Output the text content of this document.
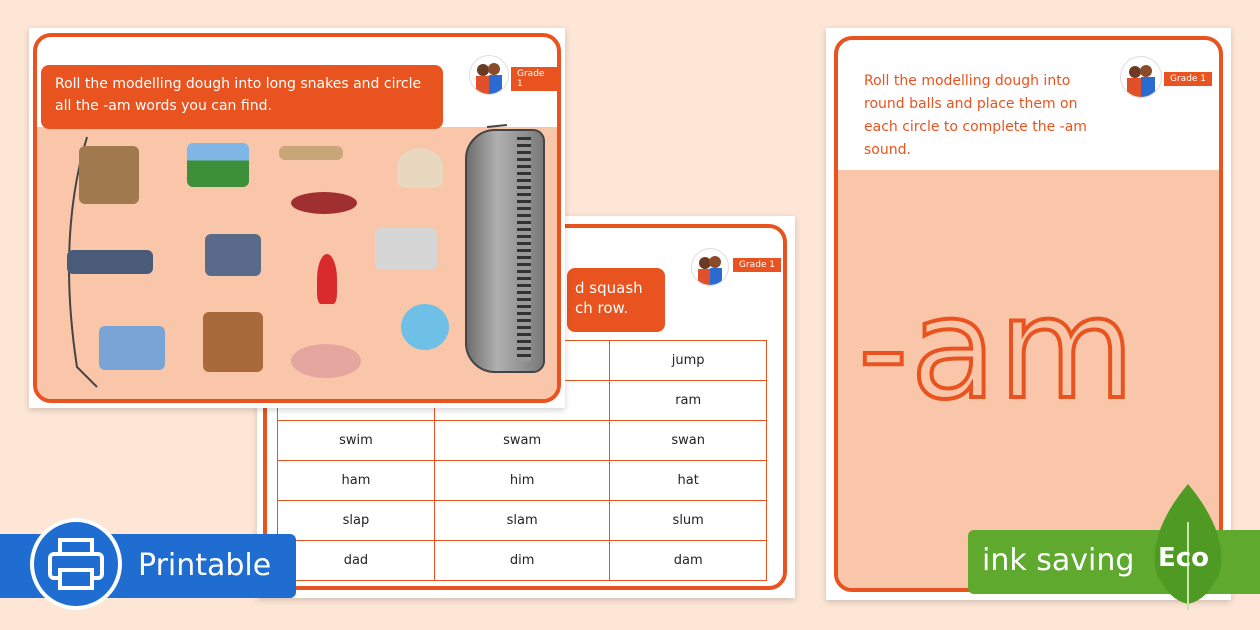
d squash
ch row.
Grade 1
		jump
		ram
swim	swam	swan
ham	him	hat
slap	slam	slum
dad	dim	dam
Roll the modelling dough into long snakes and circle all the -am words you can find.
Grade 1	Roll the modelling dough into round balls and place them on each circle to complete the -am sound.
Grade 1
-am
Printable	ink saving Eco
